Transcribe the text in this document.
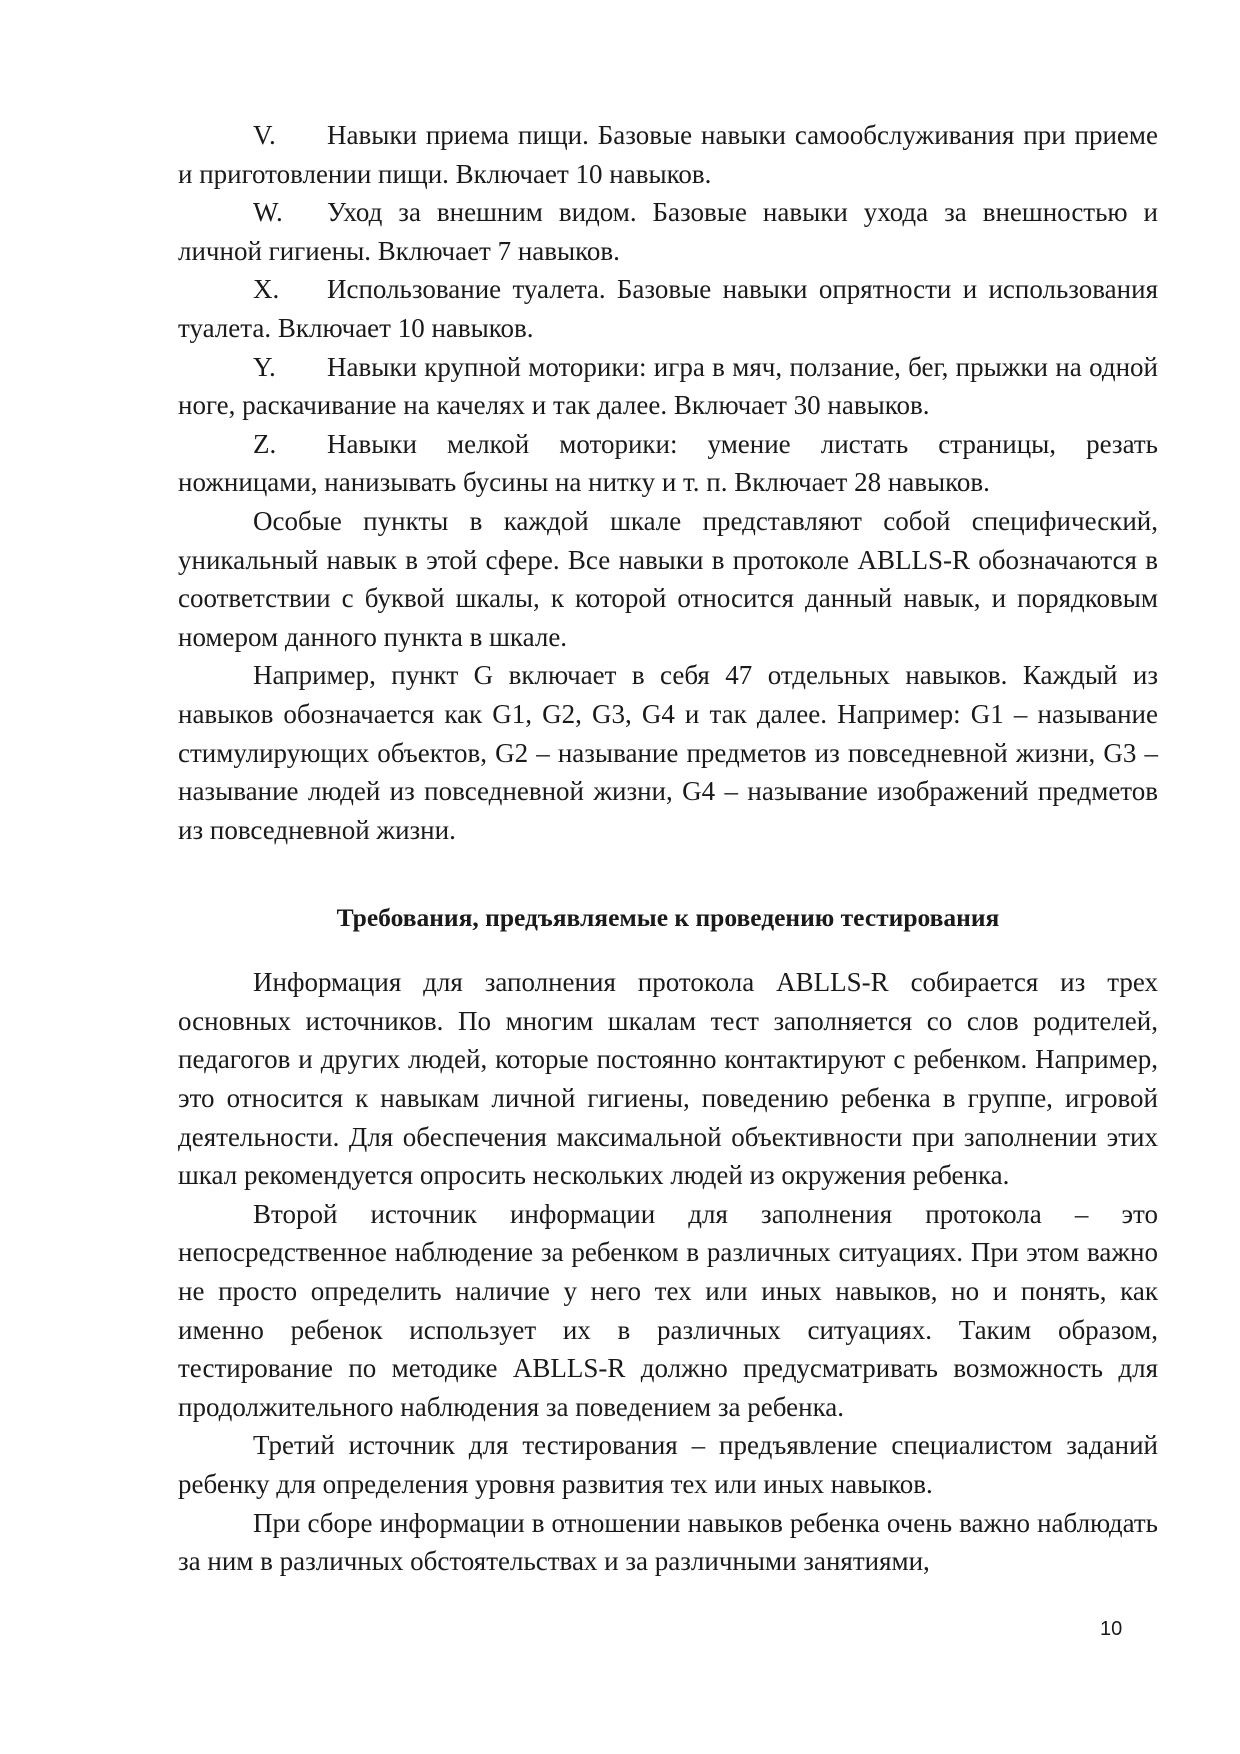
V. Навыки приема пищи. Базовые навыки самообслуживания при приеме и приготовлении пищи. Включает 10 навыков.

W. Уход за внешним видом. Базовые навыки ухода за внешностью и личной гигиены. Включает 7 навыков.

X. Использование туалета. Базовые навыки опрятности и использования туалета. Включает 10 навыков.

Y. Навыки крупной моторики: игра в мяч, ползание, бег, прыжки на одной ноге, раскачивание на качелях и так далее. Включает 30 навыков.

Z. Навыки мелкой моторики: умение листать страницы, резать ножницами, нанизывать бусины на нитку и т. п. Включает 28 навыков.

Особые пункты в каждой шкале представляют собой специфический, уникальный навык в этой сфере. Все навыки в протоколе ABLLS-R обозначаются в соответствии с буквой шкалы, к которой относится данный навык, и порядковым номером данного пункта в шкале.

Например, пункт G включает в себя 47 отдельных навыков. Каждый из навыков обозначается как G1, G2, G3, G4 и так далее. Например: G1 – называние стимулирующих объектов, G2 – называние предметов из повседневной жизни, G3 – называние людей из повседневной жизни, G4 – называние изображений предметов из повседневной жизни.

Требования, предъявляемые к проведению тестирования

Информация для заполнения протокола ABLLS-R собирается из трех основных источников. По многим шкалам тест заполняется со слов родителей, педагогов и других людей, которые постоянно контактируют с ребенком. Например, это относится к навыкам личной гигиены, поведению ребенка в группе, игровой деятельности. Для обеспечения максимальной объективности при заполнении этих шкал рекомендуется опросить нескольких людей из окружения ребенка.

Второй источник информации для заполнения протокола – это непосредственное наблюдение за ребенком в различных ситуациях. При этом важно не просто определить наличие у него тех или иных навыков, но и понять, как именно ребенок использует их в различных ситуациях. Таким образом, тестирование по методике ABLLS-R должно предусматривать возможность для продолжительного наблюдения за поведением за ребенка.

Третий источник для тестирования – предъявление специалистом заданий ребенку для определения уровня развития тех или иных навыков.

При сборе информации в отношении навыков ребенка очень важно наблюдать за ним в различных обстоятельствах и за различными занятиями,

10
